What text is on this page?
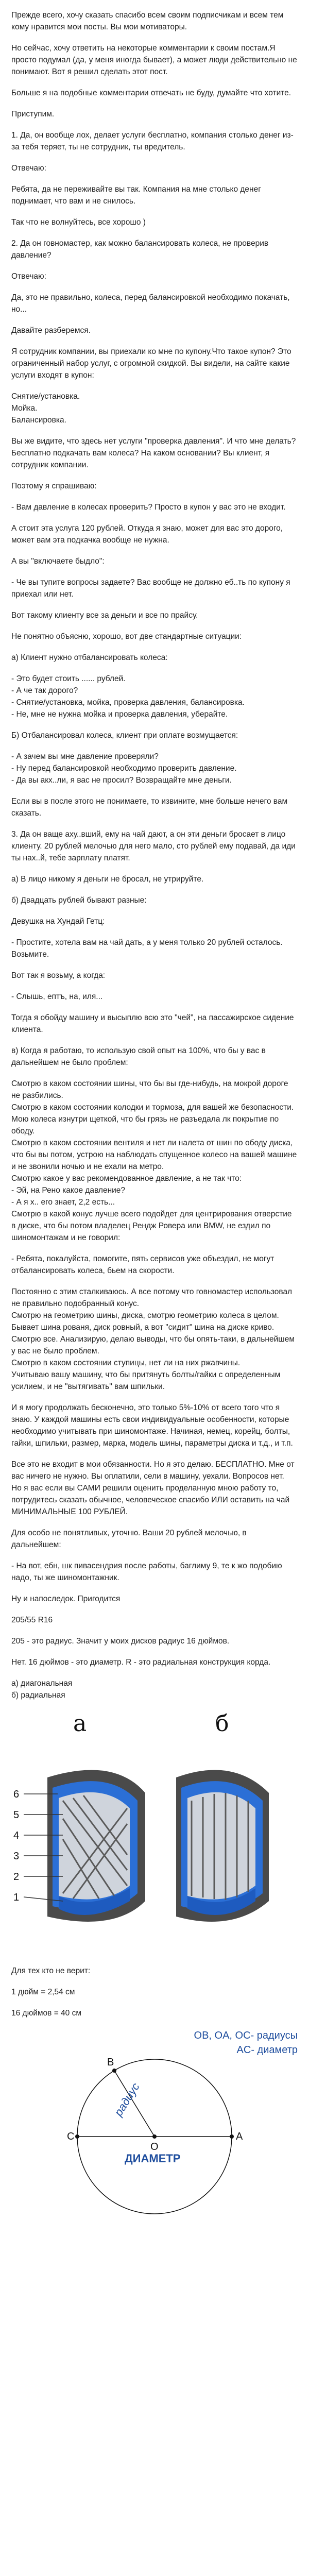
Прежде всего, хочу сказать спасибо всем своим подписчикам и всем тем кому нравится мои посты. Вы мои мотиваторы.

Но сейчас, хочу ответить на некоторые комментарии к своим постам.Я просто подумал (да, у меня иногда бывает), а может люди действительно не понимают. Вот я решил сделать этот пост.

Больше я на подобные комментарии отвечать не буду, думайте что хотите.

Приступим.

1. Да, он вообще лох, делает услуги бесплатно, компания столько денег из-за тебя теряет, ты не сотрудник, ты вредитель.

Отвечаю:

Ребята, да не переживайте вы так. Компания на мне столько денег поднимает, что вам и не снилось.

Так что не волнуйтесь, все хорошо )

2. Да он говномастер, как можно балансировать колеса, не проверив давление?

Отвечаю:

Да, это не правильно, колеса, перед балансировкой необходимо покачать, но...

Давайте разберемся.

Я сотрудник компании, вы приехали ко мне по купону.Что такое купон? Это ограниченный набор услуг, с огромной скидкой. Вы видели, на сайте какие услуги входят в купон:

Снятие/установка.
Мойка.
Балансировка.

Вы же видите, что здесь нет услуги "проверка давления". И что мне делать? Бесплатно подкачать вам колеса? На каком основании? Вы клиент, я сотрудник компании.

Поэтому я спрашиваю:

- Вам давление в колесах проверить? Просто в купон у вас это не входит.

А стоит эта услуга 120 рублей. Откуда я знаю, может для вас это дорого, может вам эта подкачка вообще не нужна.

А вы "включаете быдло":

- Че вы тупите вопросы задаете? Вас вообще не должно еб..ть по купону я приехал или нет.

Вот такому клиенту все за деньги и все по прайсу.

Не понятно объясню, хорошо, вот две стандартные ситуации:

а) Клиент нужно отбалансировать колеса:

- Это будет стоить ...... рублей.
- А че так дорого?
- Снятие/установка, мойка, проверка давления, балансировка.
- Не, мне не нужна мойка и проверка давления, уберайте.

Б) Отбалансировал колеса, клиент при оплате возмущается:

- А зачем вы мне давление проверяли?
- Ну перед балансировкой необходимо проверить давление.
- Да вы акх..ли, я вас не просил? Возвращайте мне деньги.

Если вы в после этого не понимаете, то извините, мне больше нечего вам сказать.

3. Да он ваще аху..вший, ему на чай дают, а он эти деньги бросает в лицо клиенту. 20 рублей мелочью для него мало, сто рублей ему подавай, да иди ты нах..й, тебе зарплату платят.

а) В лицо никому я деньги не бросал, не утрируйте.

б) Двадцать рублей бывают разные:

Девушка на Хундай Гетц:

- Простите, хотела вам на чай дать, а у меня только 20 рублей осталось. Возьмите.

Вот так я возьму, а когда:

- Слышь, ептъ, на, иля...

Тогда я обойду машину и высыплю всю это "чей", на пассажирское сидение клиента.

в) Когда я работаю, то использую свой опыт на 100%, что бы у вас в дальнейшем не было проблем:

Смотрю в каком состоянии шины, что бы вы где-нибудь, на мокрой дороге не разбились.
Смотрю в каком состоянии колодки и тормоза, для вашей же безопасности.
Мою колеса изнутри щеткой, что бы грязь не разъедала лк покрытие по ободу.
Смотрю в каком состоянии вентиля и нет ли налета от шин по ободу диска, что бы вы потом, устрою на наблюдать спущенное колесо на вашей машине и не звонили ночью и не ехали на метро.
Смотрю какое у вас рекомендованное давление, а не так что:
- Эй, на Рено какое давление?
- А я х.. его знает, 2,2 есть...
Смотрю в какой конус лучше всего подойдет для центрирования отверстие в диске, что бы потом владелец Рендж Ровера или BMW, не ездил по шиномонтажам и не говорил:

- Ребята, покалуйста, помогите, пять сервисов уже объездил, не могут отбалансировать колеса, бьем на скорости.

Постоянно с этим сталкиваюсь. А все потому что говномастер использовал не правильно подобранный конус.
Смотрю на геометрию шины, диска, смотрю геометрию колеса в целом. Бывает шина рованя, диск ровный, а вот "сидит" шина на диске криво.
Смотрю все. Анализирую, делаю выводы, что бы опять-таки, в дальнейшем у вас не было проблем.
Смотрю в каком состоянии ступицы, нет ли на них ржавчины.
Учитываю вашу машину, что бы притянуть болты/гайки с определенным усилием, и не "вытягивать" вам шпильки.

И я могу продолжать бесконечно, это только 5%-10% от всего того что я знаю. У каждой машины есть свои индивидуальные особенности, которые необходимо учитывать при шиномонтаже. Начиная, немец, корейц, болты, гайки, шпильки, размер, марка, модель шины, параметры диска и т.д., и т.п.

Все это не входит в мои обязанности. Но я это делаю. БЕСПЛАТНО. Мне от вас ничего не нужно. Вы оплатили, сели в машину, уехали. Вопросов нет.
Но я вас если вы САМИ решили оценить проделанную мною работу то, потрудитесь сказать обычное, человеческое спасибо ИЛИ оставить на чай МИНИМАЛЬНЫЕ 100 РУБЛЕЙ.

Для особо не понятливых, уточню. Ваши 20 рублей мелочью, в дальнейшем:

- На вот, ебн, шк пивасендрия после работы, баглиму 9, те к жо подобию надо, ты же шиномонтажник.

Ну и напоследок. Пригодится

205/55 R16

205 - это радиус. Значит у моих дисков радиус 16 дюймов.

Нет. 16 дюймов - это диаметр. R - это радиальная конструкция корда.

а) диагональная
б) радиальная

а	б
6
5
4
3
2
1

Для тех кто не верит:

1 дюйм = 2,54 см

16 дюймов = 40 см

B
C
O
A
радиус
ДИАМЕТР
OB, OA, OC- радиусы
AC- диаметр
